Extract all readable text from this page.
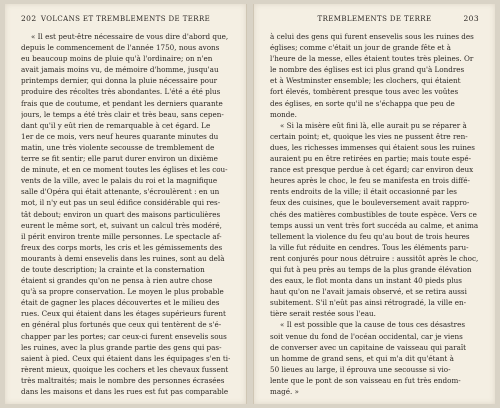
202 VOLCANS ET TREMBLEMENTS DE TERRE
« Il est peut-être nécessaire de vous dire d'abord que,
depuis le commencement de l'année 1750, nous avons
eu beaucoup moins de pluie qu'à l'ordinaire; on n'en
avait jamais moins vu, de mémoire d'homme, jusqu'au
printemps dernier, qui donna la pluie nécessaire pour
produire des récoltes très abondantes. L'été a été plus
frais que de coutume, et pendant les derniers quarante
jours, le temps a été très clair et très beau, sans cepen-
dant qu'il y eût rien de remarquable à cet égard. Le
1er de ce mois, vers neuf heures quarante minutes du
matin, une très violente secousse de tremblement de
terre se fit sentir; elle parut durer environ un dixième
de minute, et en ce moment toutes les églises et les cou-
vents de la ville, avec le palais du roi et la magnifique
salle d'Opéra qui était attenante, s'écroulèrent : en un
mot, il n'y eut pas un seul édifice considérable qui res-
tât debout; environ un quart des maisons particulières
eurent le même sort, et, suivant un calcul très modéré,
il périt environ trente mille personnes. Le spectacle af-
freux des corps morts, les cris et les gémissements des
mourants à demi ensevelis dans les ruines, sont au delà
de toute description; la crainte et la consternation
étaient si grandes qu'on ne pensa à rien autre chose
qu'à sa propre conservation. Le moyen le plus probable
était de gagner les places découvertes et le milieu des
rues. Ceux qui étaient dans les étages supérieurs furent
en général plus fortunés que ceux qui tentèrent de s'é-
chapper par les portes; car ceux-ci furent ensevelis sous
les ruines, avec la plus grande partie des gens qui pas-
saient à pied. Ceux qui étaient dans les équipages s'en ti-
rèrent mieux, quoique les cochers et les chevaux fussent
très maltraités; mais le nombre des personnes écrasées
dans les maisons et dans les rues est fut pas comparable
TREMBLEMENTS DE TERRE	203
à celui des gens qui furent ensevelis sous les ruines des
églises; comme c'était un jour de grande fête et à
l'heure de la messe, elles étaient toutes très pleines. Or
le nombre des églises est ici plus grand qu'à Londres
et à Westminster ensemble; les clochers, qui étaient
fort élevés, tombèrent presque tous avec les voûtes
des églises, en sorte qu'il ne s'échappa que peu de
monde.
« Si la misère eût fini là, elle aurait pu se réparer à
certain point; et, quoique les vies ne pussent être ren-
dues, les richesses immenses qui étaient sous les ruines
auraient pu en être retirées en partie; mais toute espé-
rance est presque perdue à cet égard; car environ deux
heures après le choc, le feu se manifesta en trois diffé-
rents endroits de la ville; il était occasionné par les
feux des cuisines, que le bouleversement avait rappro-
chés des matières combustibles de toute espèce. Vers ce
temps aussi un vent très fort succéda au calme, et anima
tellement la violence du feu qu'au bout de trois heures
la ville fut réduite en cendres. Tous les éléments paru-
rent conjurés pour nous détruire : aussitôt après le choc,
qui fut à peu près au temps de la plus grande élévation
des eaux, le flot monta dans un instant 40 pieds plus
haut qu'on ne l'avait jamais observé, et se retira aussi
subitement. S'il n'eût pas ainsi rétrogradé, la ville en-
tière serait restée sous l'eau.
« Il est possible que la cause de tous ces désastres
soit venue du fond de l'océan occidental, car je viens
de converser avec un capitaine de vaisseau qui paraît
un homme de grand sens, et qui m'a dit qu'étant à
50 lieues au large, il éprouva une secousse si vio-
lente que le pont de son vaisseau en fut très endom-
magé. »
